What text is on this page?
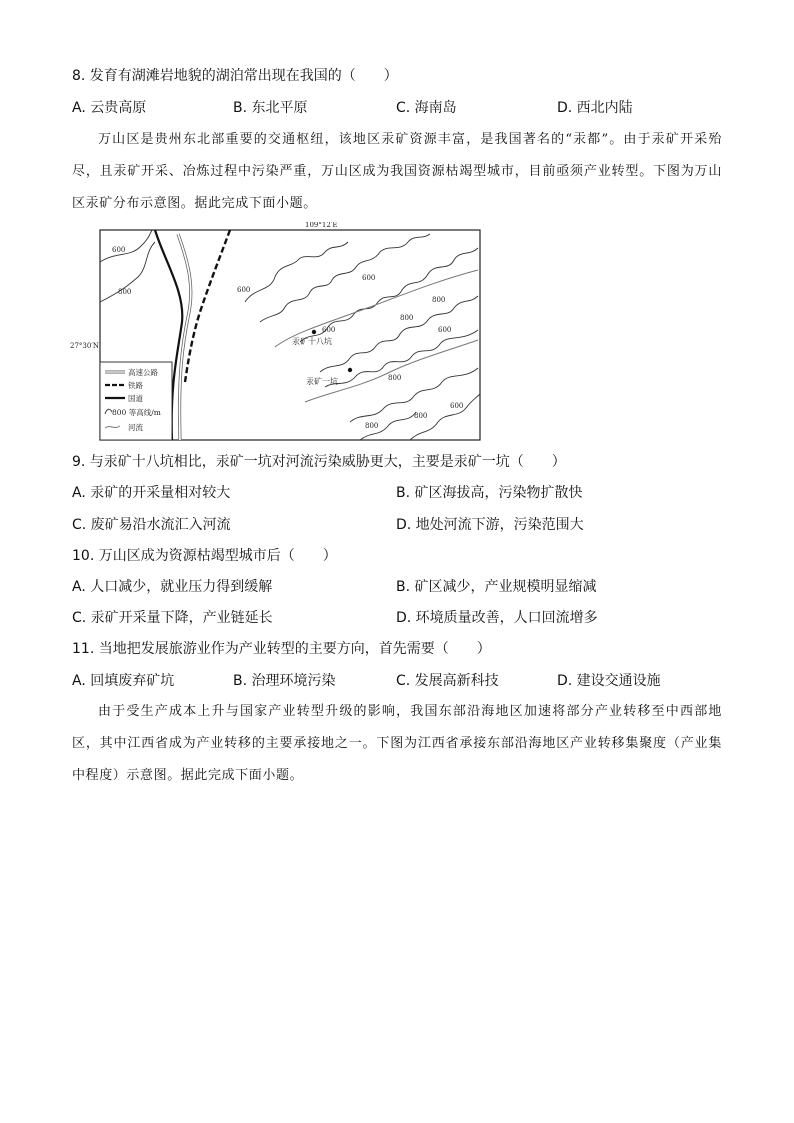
8. 发育有湖滩岩地貌的湖泊常出现在我国的（　　）
A. 云贵高原	B. 东北平原	C. 海南岛	D. 西北内陆
万山区是贵州东北部重要的交通枢纽，该地区汞矿资源丰富，是我国著名的“汞都”。由于汞矿开采殆尽，且汞矿开采、冶炼过程中污染严重，万山区成为我国资源枯竭型城市，目前亟须产业转型。下图为万山区汞矿分布示意图。据此完成下面小题。
109°12′E
27°30′N
600
800	600
600
800
800
600
800
600
800
800
600
汞矿十八坑
汞矿一坑
高速公路
铁路
国道
800 等高线/m
河流
9. 与汞矿十八坑相比，汞矿一坑对河流污染威胁更大，主要是汞矿一坑（　　）
A. 汞矿的开采量相对较大	B. 矿区海拔高，污染物扩散快
C. 废矿易沿水流汇入河流	D. 地处河流下游，污染范围大
10. 万山区成为资源枯竭型城市后（　　）
A. 人口减少，就业压力得到缓解	B. 矿区减少，产业规模明显缩减
C. 汞矿开采量下降，产业链延长	D. 环境质量改善，人口回流增多
11. 当地把发展旅游业作为产业转型的主要方向，首先需要（　　）
A. 回填废弃矿坑	B. 治理环境污染	C. 发展高新科技	D. 建设交通设施
由于受生产成本上升与国家产业转型升级的影响，我国东部沿海地区加速将部分产业转移至中西部地区，其中江西省成为产业转移的主要承接地之一。下图为江西省承接东部沿海地区产业转移集聚度（产业集中程度）示意图。据此完成下面小题。
